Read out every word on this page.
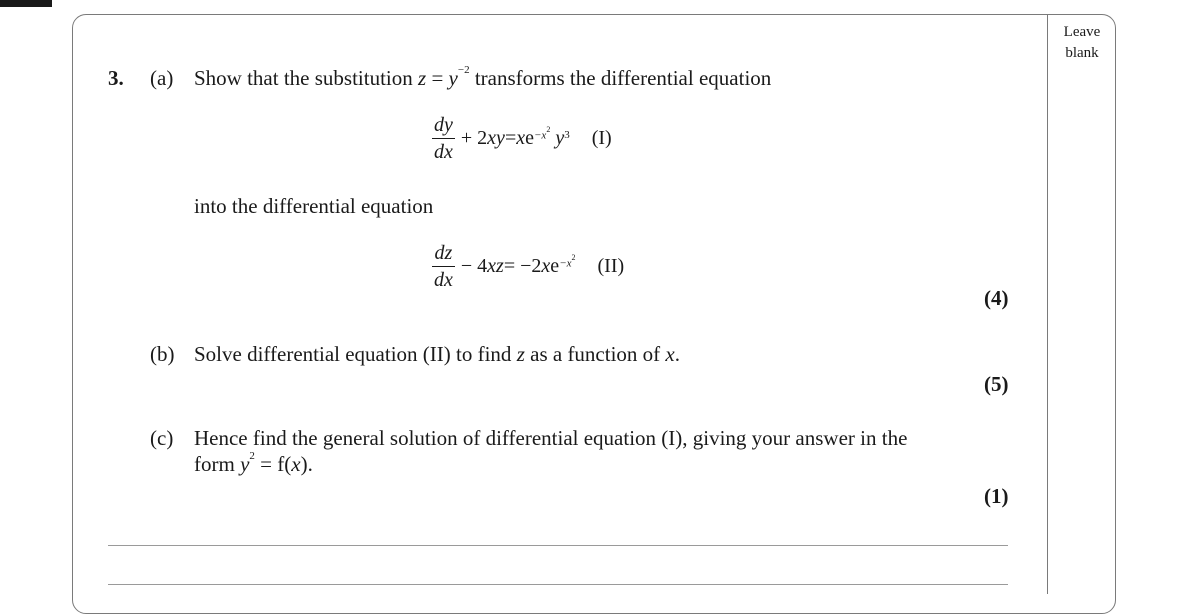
Leave
blank
3. (a) Show that the substitution $z = y^{-2}$ transforms the differential equation
$\frac{dy}{dx} + 2$ xy = x e $^{-x^2}$
$y^3$ (I)
into the differential equation
$\frac{dz}{dx} - 4$ xz = −2 x e $^{-x^2}$ (II)
(4)
(b) Solve differential equation (II) to find z as a function of x.
(5)
(c) Hence find the general solution of differential equation (I), giving your answer in the
form $y^2 = f(x)$.
(1)
